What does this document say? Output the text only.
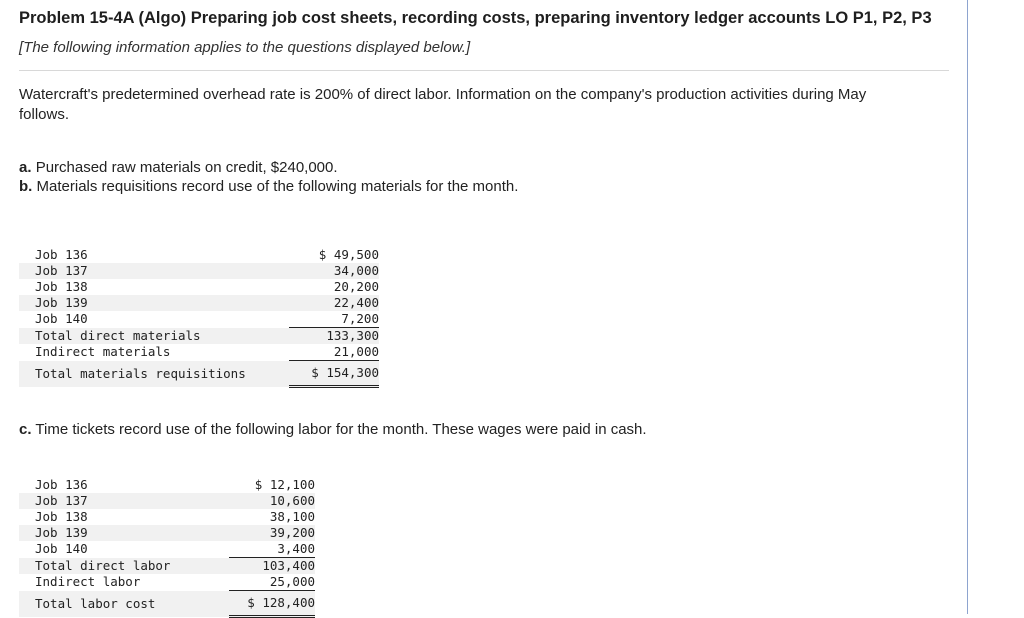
Problem 15-4A (Algo) Preparing job cost sheets, recording costs, preparing inventory ledger accounts LO P1, P2, P3
[The following information applies to the questions displayed below.]
Watercraft's predetermined overhead rate is 200% of direct labor. Information on the company's production activities during May follows.
a. Purchased raw materials on credit, $240,000.
b. Materials requisitions record use of the following materials for the month.
Job 136	$ 49,500
Job 137	34,000
Job 138	20,200
Job 139	22,400
Job 140	7,200
Total direct materials	133,300
Indirect materials	21,000
Total materials requisitions	$ 154,300
c. Time tickets record use of the following labor for the month. These wages were paid in cash.
Job 136	$ 12,100
Job 137	10,600
Job 138	38,100
Job 139	39,200
Job 140	3,400
Total direct labor	103,400
Indirect labor	25,000
Total labor cost	$ 128,400
